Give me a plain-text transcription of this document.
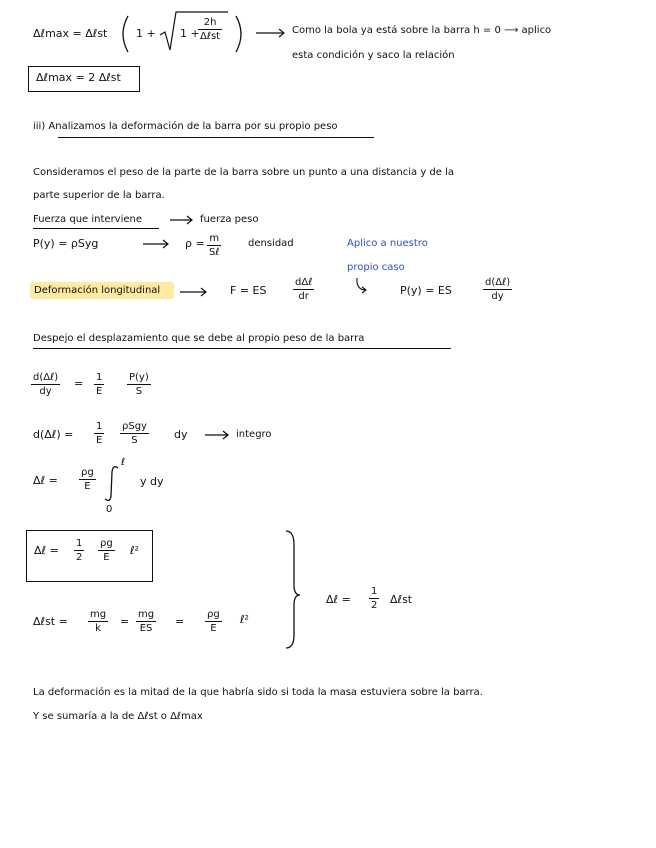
Δℓmax = Δℓst	1 + 1 +
2h
Δℓst
Como la bola ya está sobre la barra h = 0 ⟶ aplico
esta condición y saco la relación
Δℓmax = 2 Δℓst
iii) Analizamos la deformación de la barra por su propio peso
Consideramos el peso de la parte de la barra sobre un punto a una distancia y de la
parte superior de la barra.
Fuerza que interviene	fuerza peso
P(y) = ρSyg	ρ = m
Sℓ
densidad	Aplico a nuestro
propio caso
Deformación longitudinal	F = ES
dΔℓ
dr	P(y) = ES
d(Δℓ)
dy
Despejo el desplazamiento que se debe al propio peso de la barra
d(Δℓ)
dy
= $\frac{1}{E} \frac{P(y)}{S}$
d(Δℓ) = $\frac{1}{E}$ ρSgy
S	dy	integro
Δℓ = $\frac{\rho g}{E}$
ℓ
0
y dy
Δℓ = $\frac{1}{2} \frac{\rho g}{E}$ ℓ²
Δℓst = $\frac{mg}{k} = \frac{mg}{ES} = \frac{\rho g}{E}$ ℓ²
Δℓ = $\frac{1}{2}$ Δℓst
La deformación es la mitad de la que habría sido si toda la masa estuviera sobre la barra.
Y se sumaría a la de Δℓst o Δℓmax
